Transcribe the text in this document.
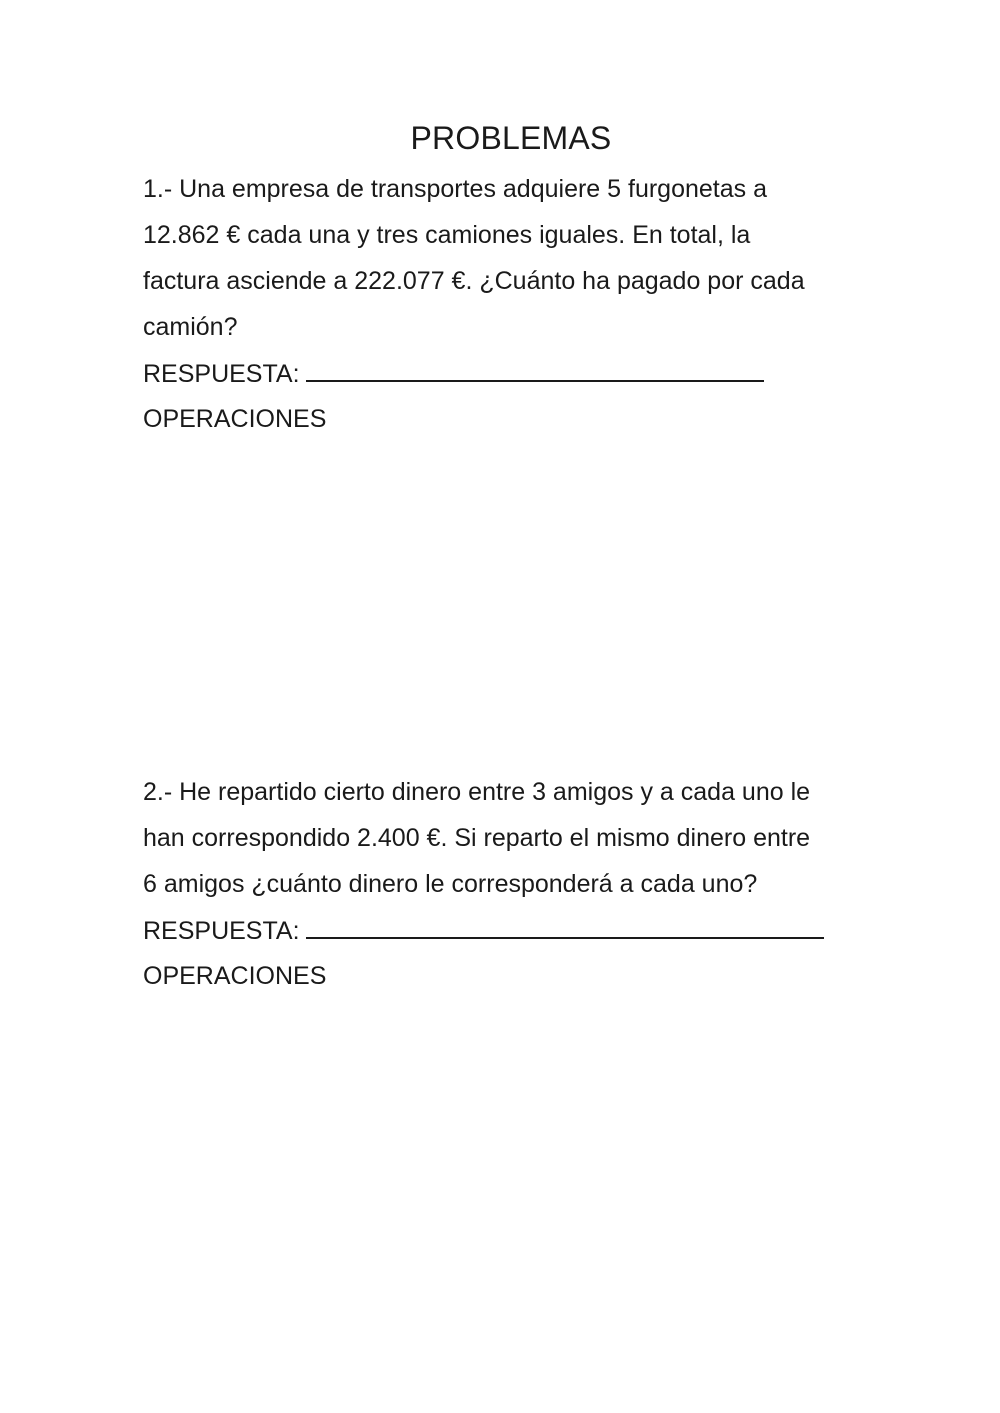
PROBLEMAS
1.- Una empresa de transportes adquiere 5 furgonetas a
12.862 € cada una y tres camiones iguales. En total, la
factura asciende a 222.077 €. ¿Cuánto ha pagado por cada
camión?
RESPUESTA:
OPERACIONES
2.- He repartido cierto dinero entre 3 amigos y a cada uno le
han correspondido 2.400 €. Si reparto el mismo dinero entre
6 amigos ¿cuánto dinero le corresponderá a cada uno?
RESPUESTA:
OPERACIONES
